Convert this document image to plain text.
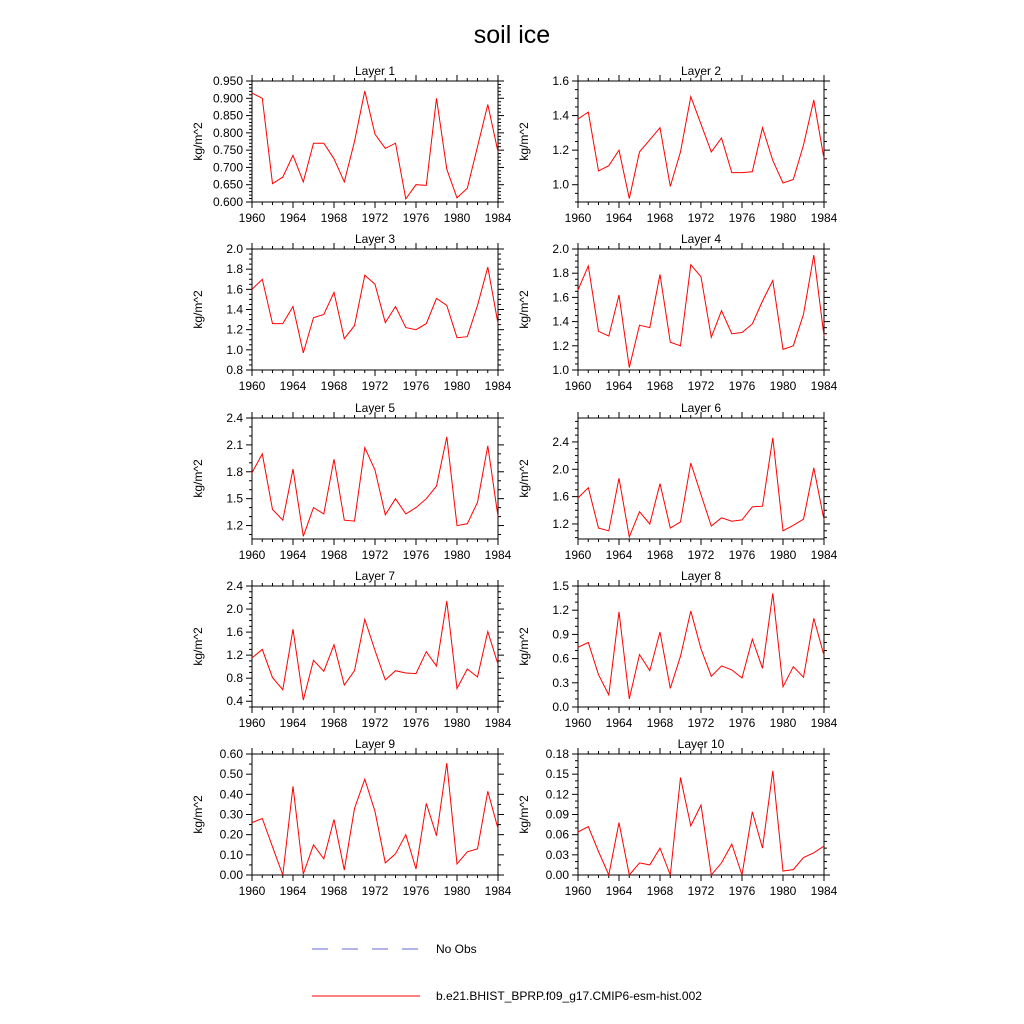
soil ice
Layer 1
kg/m^2
1960 1964 1968 1972 1976 1980 1984
0.600
0.650
0.700
0.750
0.800
0.850
0.900
0.950
Layer 2
kg/m^2
1960 1964 1968 1972 1976 1980 1984
1.0
1.2
1.4
1.6
Layer 3
kg/m^2
1960 1964 1968 1972 1976 1980 1984
0.8
1.0
1.2
1.4
1.6
1.8
2.0
Layer 4
kg/m^2
1960 1964 1968 1972 1976 1980 1984
1.0
1.2
1.4
1.6
1.8
2.0
Layer 5
kg/m^2
1960 1964 1968 1972 1976 1980 1984
1.2
1.5
1.8
2.1
2.4
Layer 6
kg/m^2
1960 1964 1968 1972 1976 1980 1984
1.2
1.6
2.0
2.4
Layer 7
kg/m^2
1960 1964 1968 1972 1976 1980 1984
0.4
0.8
1.2
1.6
2.0
2.4
Layer 8
kg/m^2
1960 1964 1968 1972 1976 1980 1984
0.0
0.3
0.6
0.9
1.2
1.5
Layer 9
kg/m^2
1960 1964 1968 1972 1976 1980 1984
0.00
0.10
0.20
0.30
0.40
0.50
0.60
Layer 10
kg/m^2
1960 1964 1968 1972 1976 1980 1984
0.00
0.03
0.06
0.09
0.12
0.15
0.18
No Obs
b.e21.BHIST_BPRP.f09_g17.CMIP6-esm-hist.002
